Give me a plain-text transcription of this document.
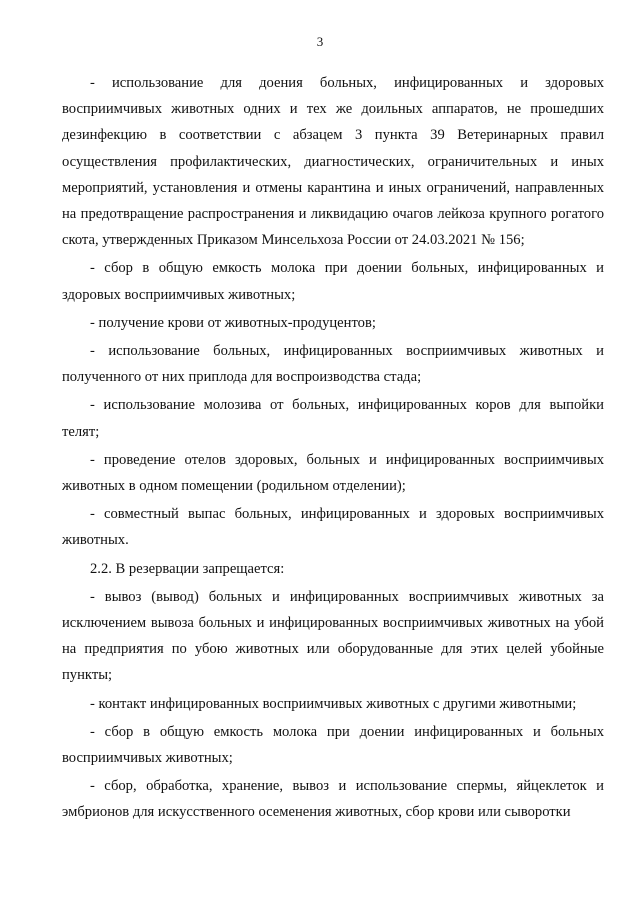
3

- использование для доения больных, инфицированных и здоровых восприимчивых животных одних и тех же доильных аппаратов, не прошедших дезинфекцию в соответствии с абзацем 3 пункта 39 Ветеринарных правил осуществления профилактических, диагностических, ограничительных и иных мероприятий, установления и отмены карантина и иных ограничений, направленных на предотвращение распространения и ликвидацию очагов лейкоза крупного рогатого скота, утвержденных Приказом Минсельхоза России от 24.03.2021 № 156;

- сбор в общую емкость молока при доении больных, инфицированных и здоровых восприимчивых животных;

- получение крови от животных-продуцентов;

- использование больных, инфицированных восприимчивых животных и полученного от них приплода для воспроизводства стада;

- использование молозива от больных, инфицированных коров для выпойки телят;

- проведение отелов здоровых, больных и инфицированных восприимчивых животных в одном помещении (родильном отделении);

- совместный выпас больных, инфицированных и здоровых восприимчивых животных.

2.2. В резервации запрещается:

- вывоз (вывод) больных и инфицированных восприимчивых животных за исключением вывоза больных и инфицированных восприимчивых животных на убой на предприятия по убою животных или оборудованные для этих целей убойные пункты;

- контакт инфицированных восприимчивых животных с другими животными;

- сбор в общую емкость молока при доении инфицированных и больных восприимчивых животных;

- сбор, обработка, хранение, вывоз и использование спермы, яйцеклеток и эмбрионов для искусственного осеменения животных, сбор крови или сыворотки
